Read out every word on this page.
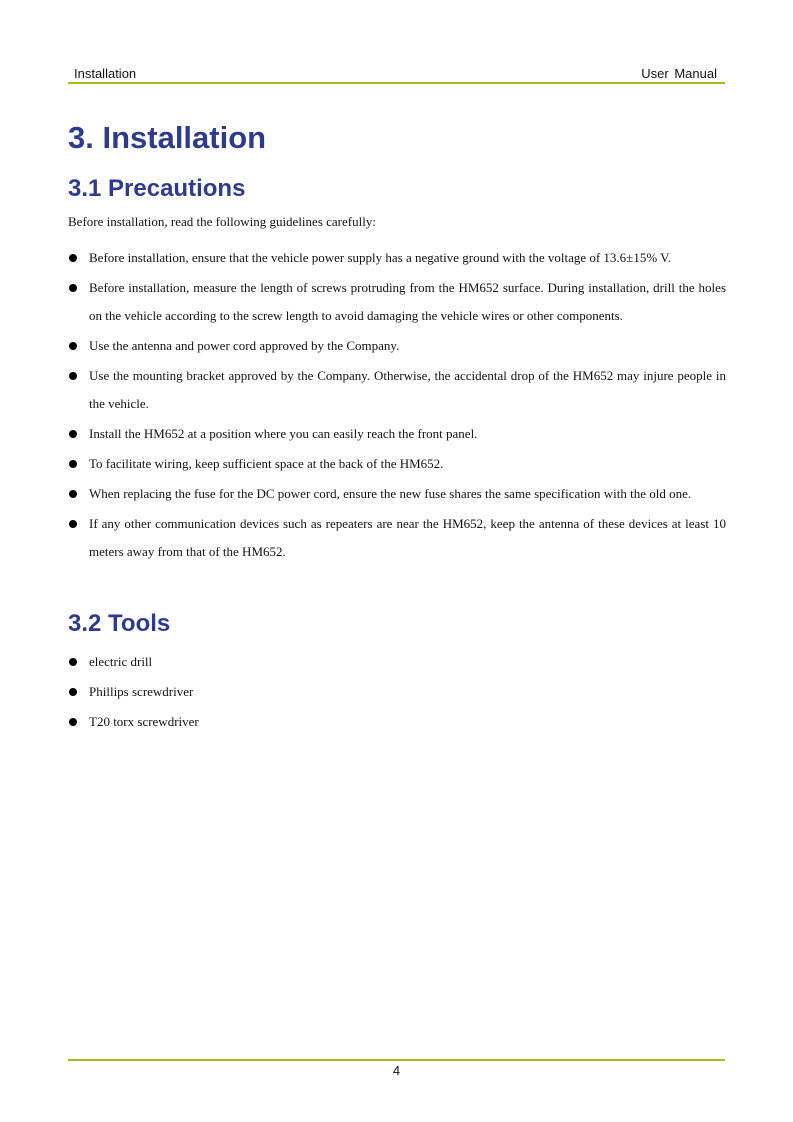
Installation	User Manual
3. Installation
3.1 Precautions
Before installation, read the following guidelines carefully:
Before installation, ensure that the vehicle power supply has a negative ground with the voltage of 13.6±15% V.
Before installation, measure the length of screws protruding from the HM652 surface. During installation, drill the holes on the vehicle according to the screw length to avoid damaging the vehicle wires or other components.
Use the antenna and power cord approved by the Company.
Use the mounting bracket approved by the Company. Otherwise, the accidental drop of the HM652 may injure people in the vehicle.
Install the HM652 at a position where you can easily reach the front panel.
To facilitate wiring, keep sufficient space at the back of the HM652.
When replacing the fuse for the DC power cord, ensure the new fuse shares the same specification with the old one.
If any other communication devices such as repeaters are near the HM652, keep the antenna of these devices at least 10 meters away from that of the HM652.
3.2 Tools
electric drill
Phillips screwdriver
T20 torx screwdriver
4
